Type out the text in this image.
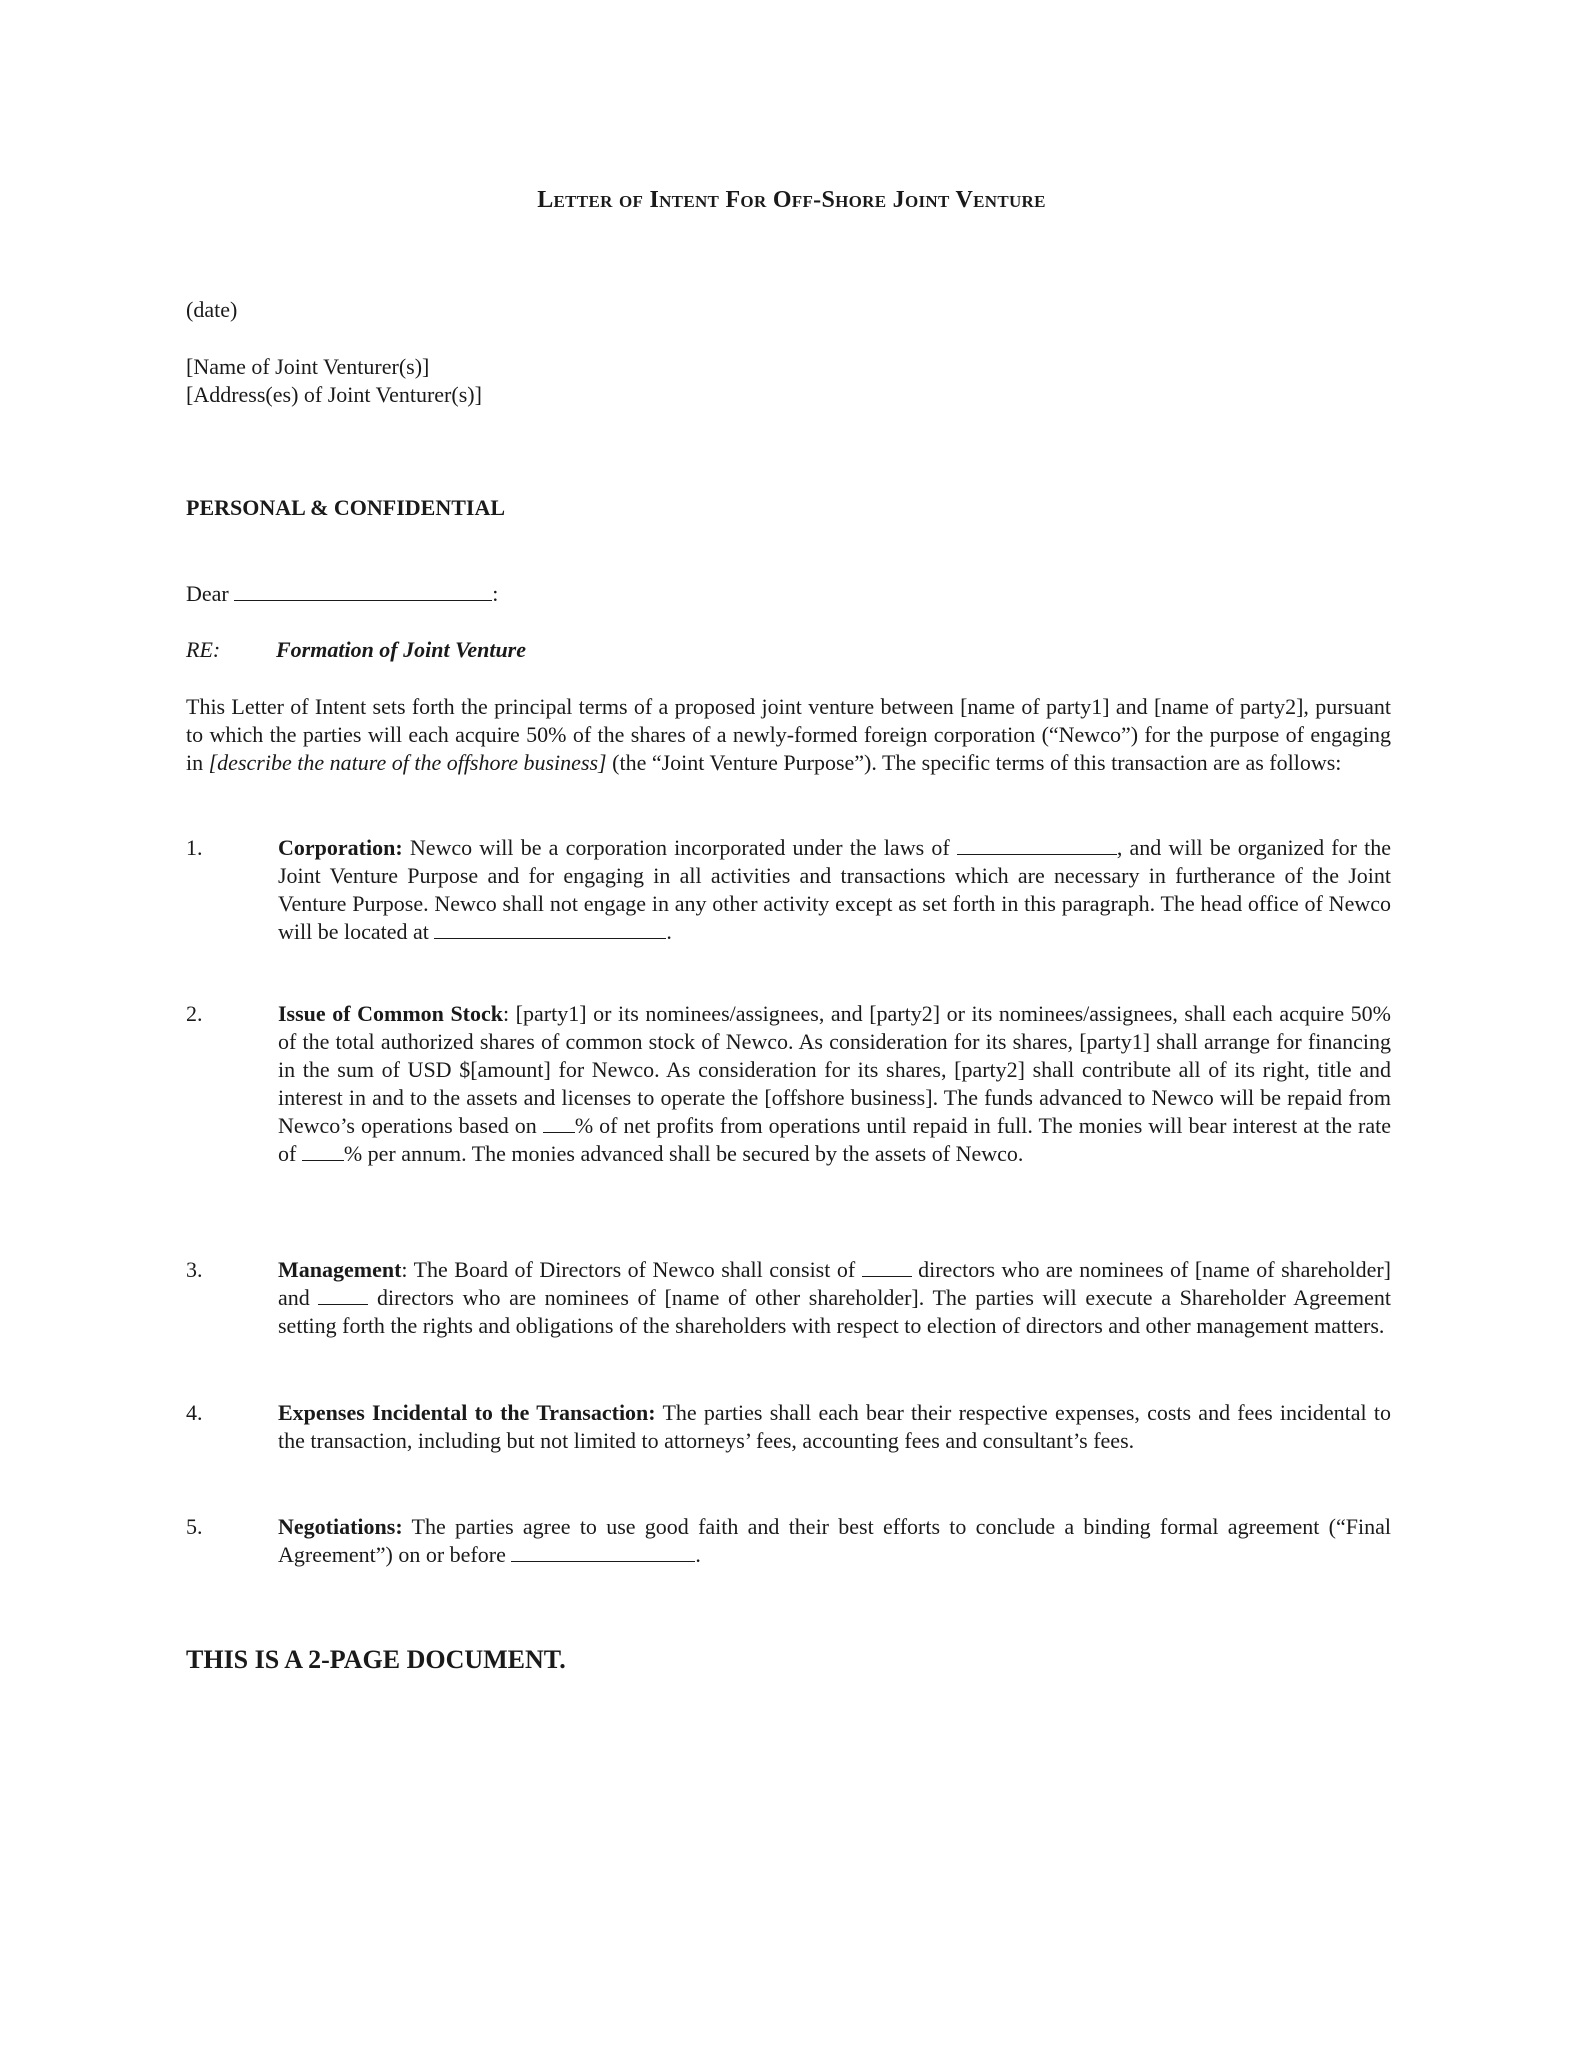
Letter of Intent For Off-Shore Joint Venture
(date)
[Name of Joint Venturer(s)]
[Address(es) of Joint Venturer(s)]
PERSONAL & CONFIDENTIAL
Dear	:
RE:	Formation of Joint Venture
This Letter of Intent sets forth the principal terms of a proposed joint venture between [name of party1] and [name of party2], pursuant to which the parties will each acquire 50% of the shares of a newly-formed foreign corporation (“Newco”) for the purpose of engaging in [describe the nature of the offshore business] (the “Joint Venture Purpose”). The specific terms of this transaction are as follows:
1.	Corporation: Newco will be a corporation incorporated under the laws of	, and will be organized for the Joint Venture Purpose and for engaging in all activities and transactions which are necessary in furtherance of the Joint Venture Purpose. Newco shall not engage in any other activity except as set forth in this paragraph. The head office of Newco will be located at	.
2.	Issue of Common Stock: [party1] or its nominees/assignees, and [party2] or its nominees/assignees, shall each acquire 50% of the total authorized shares of common stock of Newco. As consideration for its shares, [party1] shall arrange for financing in the sum of USD $[amount] for Newco. As consideration for its shares, [party2] shall contribute all of its right, title and interest in and to the assets and licenses to operate the [offshore business]. The funds advanced to Newco will be repaid from Newco’s operations based on % of net profits from operations until repaid in full. The monies will bear interest at the rate of % per annum. The monies advanced shall be secured by the assets of Newco.
3.	Management: The Board of Directors of Newco shall consist of  directors who are nominees of [name of shareholder] and  directors who are nominees of [name of other shareholder]. The parties will execute a Shareholder Agreement setting forth the rights and obligations of the shareholders with respect to election of directors and other management matters.
4.	Expenses Incidental to the Transaction: The parties shall each bear their respective expenses, costs and fees incidental to the transaction, including but not limited to attorneys’ fees, accounting fees and consultant’s fees.
5.	Negotiations: The parties agree to use good faith and their best efforts to conclude a binding formal agreement (“Final Agreement”) on or before	.
THIS IS A 2-PAGE DOCUMENT.
